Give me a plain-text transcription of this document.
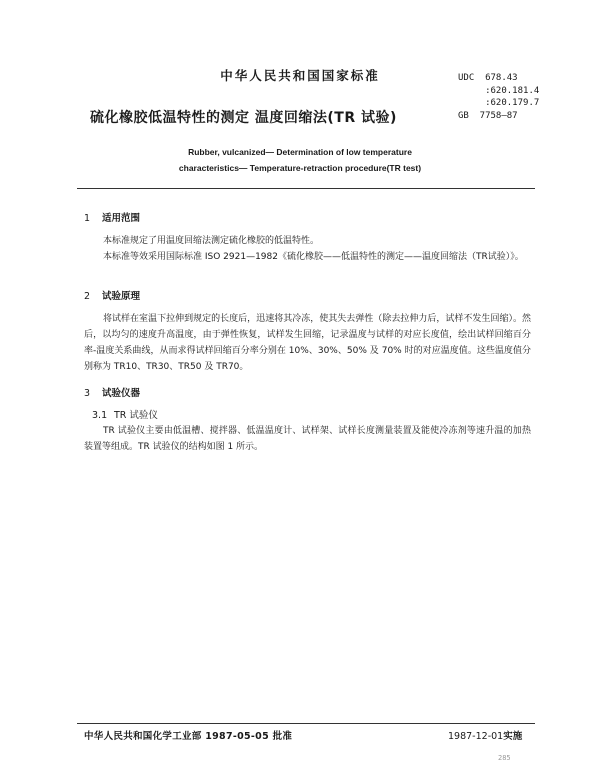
中华人民共和国国家标准	UDC  678.43
:620.181.4
:620.179.7
GB  7758—87
硫化橡胶低温特性的测定 温度回缩法(TR 试验)
Rubber, vulcanized— Determination of low temperature
characteristics— Temperature-retraction procedure(TR test)
1 适用范围
本标准规定了用温度回缩法测定硫化橡胶的低温特性。
本标准等效采用国际标准 ISO 2921—1982《硫化橡胶——低温特性的测定——温度回缩法（TR试验）》。
2 试验原理
将试样在室温下拉伸到规定的长度后，迅速将其冷冻，使其失去弹性（除去拉伸力后，试样不发生回缩）。然后，以均匀的速度升高温度，由于弹性恢复，试样发生回缩，记录温度与试样的对应长度值，绘出试样回缩百分率-温度关系曲线，从而求得试样回缩百分率分别在 10%、30%、50% 及 70% 时的对应温度值。这些温度值分别称为 TR10、TR30、TR50 及 TR70。
3 试验仪器
3.1 TR 试验仪
TR 试验仪主要由低温槽、搅拌器、低温温度计、试样架、试样长度测量装置及能使冷冻剂等速升温的加热装置等组成。TR 试验仪的结构如图 1 所示。
中华人民共和国化学工业部 1987-05-05 批准	1987-12-01实施
285
